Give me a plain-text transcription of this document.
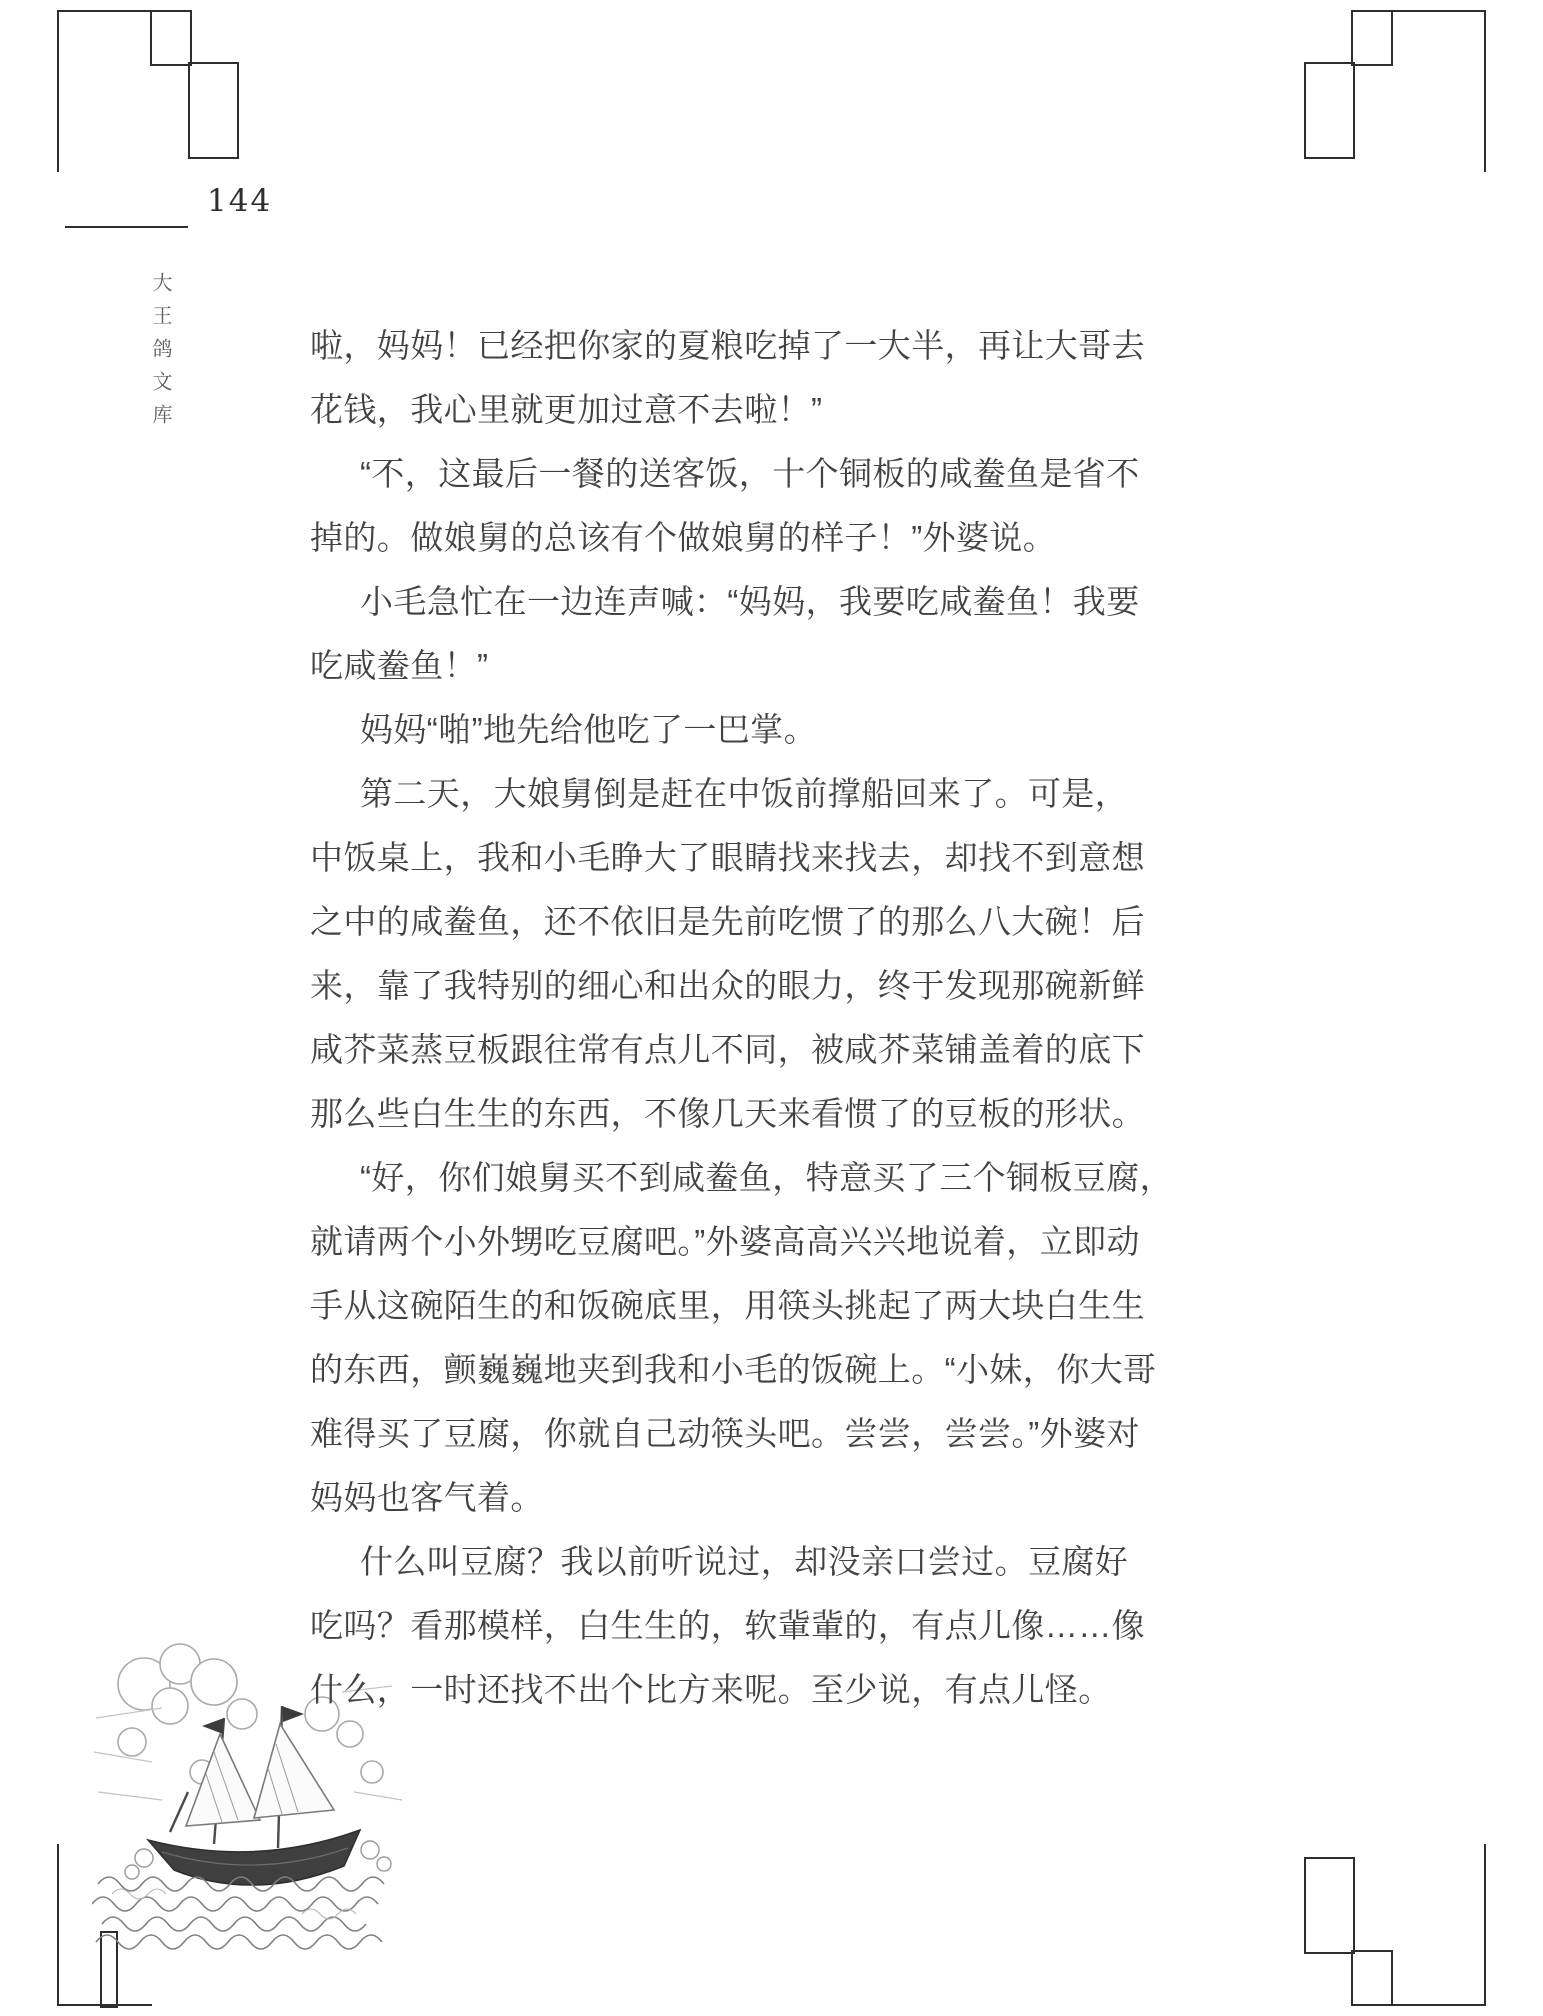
144
大王鸽文库	啦，妈妈！已经把你家的夏粮吃掉了一大半，再让大哥去
花钱，我心里就更加过意不去啦！”
“不，这最后一餐的送客饭，十个铜板的咸鲞鱼是省不
掉的。做娘舅的总该有个做娘舅的样子！”外婆说。
小毛急忙在一边连声喊：“妈妈，我要吃咸鲞鱼！我要
吃咸鲞鱼！”
妈妈“啪”地先给他吃了一巴掌。
第二天，大娘舅倒是赶在中饭前撑船回来了。可是，
中饭桌上，我和小毛睁大了眼睛找来找去，却找不到意想
之中的咸鲞鱼，还不依旧是先前吃惯了的那么八大碗！后
来，靠了我特别的细心和出众的眼力，终于发现那碗新鲜
咸芥菜蒸豆板跟往常有点儿不同，被咸芥菜铺盖着的底下
那么些白生生的东西，不像几天来看惯了的豆板的形状。
“好，你们娘舅买不到咸鲞鱼，特意买了三个铜板豆腐，
就请两个小外甥吃豆腐吧。”外婆高高兴兴地说着，立即动
手从这碗陌生的和饭碗底里，用筷头挑起了两大块白生生
的东西，颤巍巍地夹到我和小毛的饭碗上。“小妹，你大哥
难得买了豆腐，你就自己动筷头吧。尝尝，尝尝。”外婆对
妈妈也客气着。
什么叫豆腐？我以前听说过，却没亲口尝过。豆腐好
吃吗？看那模样，白生生的，软軰軰的，有点儿像……像
什么，一时还找不出个比方来呢。至少说，有点儿怪。
